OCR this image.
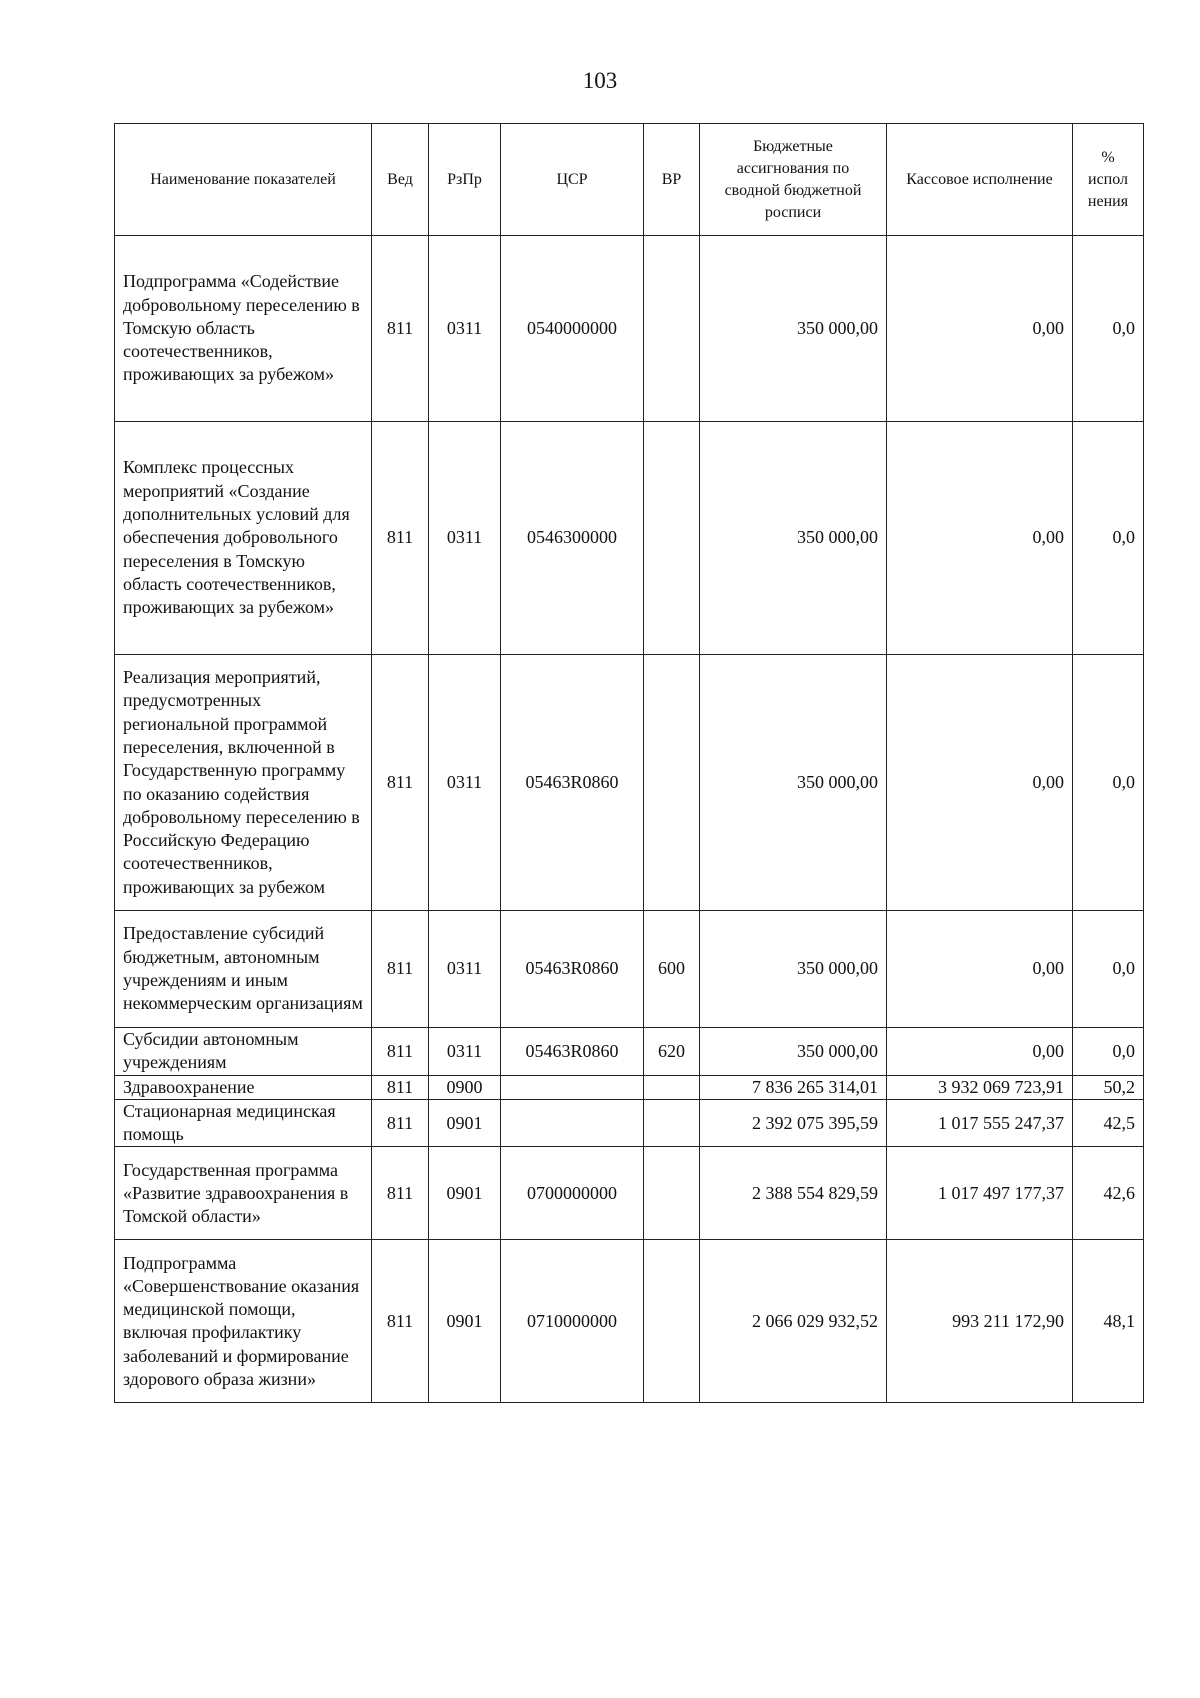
103
Наименование показателей	Вед	РзПр	ЦСР	ВР	Бюджетные ассигнования по сводной бюджетной росписи	Кассовое исполнение	% испол нения
Подпрограмма «Содействие добровольному переселению в Томскую область соотечественников, проживающих за рубежом»	811	0311	0540000000		350 000,00	0,00	0,0
Комплекс процессных мероприятий «Создание дополнительных условий для обеспечения добровольного переселения в Томскую область соотечественников, проживающих за рубежом»	811	0311	0546300000		350 000,00	0,00	0,0
Реализация мероприятий, предусмотренных региональной программой переселения, включенной в Государственную программу по оказанию содействия добровольному переселению в Российскую Федерацию соотечественников, проживающих за рубежом	811	0311	05463R0860		350 000,00	0,00	0,0
Предоставление субсидий бюджетным, автономным учреждениям и иным некоммерческим организациям	811	0311	05463R0860	600	350 000,00	0,00	0,0
Субсидии автономным учреждениям	811	0311	05463R0860	620	350 000,00	0,00	0,0
Здравоохранение	811	0900			7 836 265 314,01	3 932 069 723,91	50,2
Стационарная медицинская помощь	811	0901			2 392 075 395,59	1 017 555 247,37	42,5
Государственная программа «Развитие здравоохранения в Томской области»	811	0901	0700000000		2 388 554 829,59	1 017 497 177,37	42,6
Подпрограмма «Совершенствование оказания медицинской помощи, включая профилактику заболеваний и формирование здорового образа жизни»	811	0901	0710000000		2 066 029 932,52	993 211 172,90	48,1
